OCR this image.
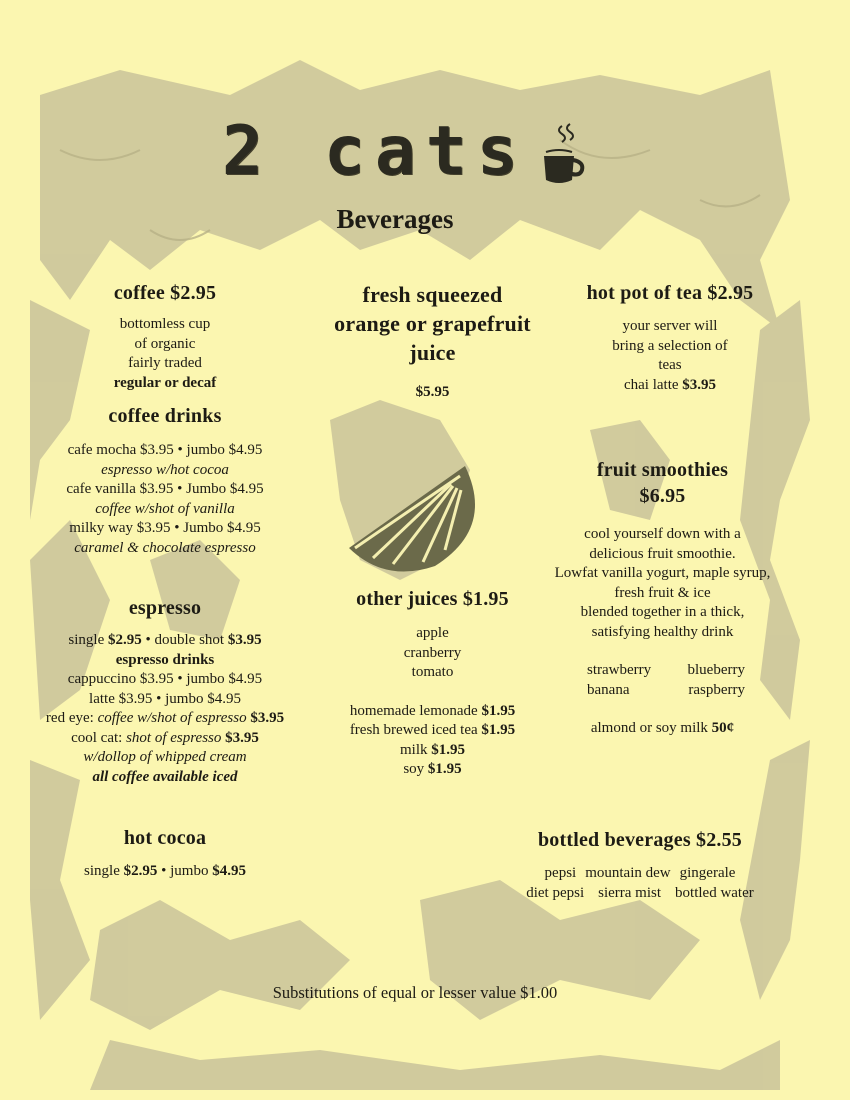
2 cats
Beverages
coffee $2.95

bottomless cup

of organic

fairly traded

regular or decaf

coffee drinks

cafe mocha $3.95 • jumbo $4.95

espresso w/hot cocoa

cafe vanilla $3.95 • Jumbo $4.95

coffee w/shot of vanilla

milky way $3.95 • Jumbo $4.95

caramel & chocolate espresso

espresso

single $2.95 • double shot $3.95

espresso drinks

cappuccino $3.95 • jumbo $4.95

latte $3.95 • jumbo $4.95

red eye: coffee w/shot of espresso $3.95

cool cat: shot of espresso $3.95

w/dollop of whipped cream

all coffee available iced

hot cocoa

single $2.95 • jumbo $4.95

fresh squeezed
orange or grapefruit
juice

$5.95

other juices $1.95

apple

cranberry

tomato

homemade lemonade $1.95

fresh brewed iced tea $1.95

milk $1.95

soy $1.95

hot pot of tea $2.95

your server will

bring a selection of

teas

chai latte $3.95

fruit smoothies
$6.95

cool yourself down with a

delicious fruit smoothie.

Lowfat vanilla yogurt, maple syrup,

fresh fruit & ice

blended together in a thick,

satisfying healthy drink

strawberry blueberry

banana	raspberry

almond or soy milk 50¢

bottled beverages $2.55

pepsi mountain dew gingerale

diet pepsi sierra mist bottled water

Substitutions of equal or lesser value $1.00
